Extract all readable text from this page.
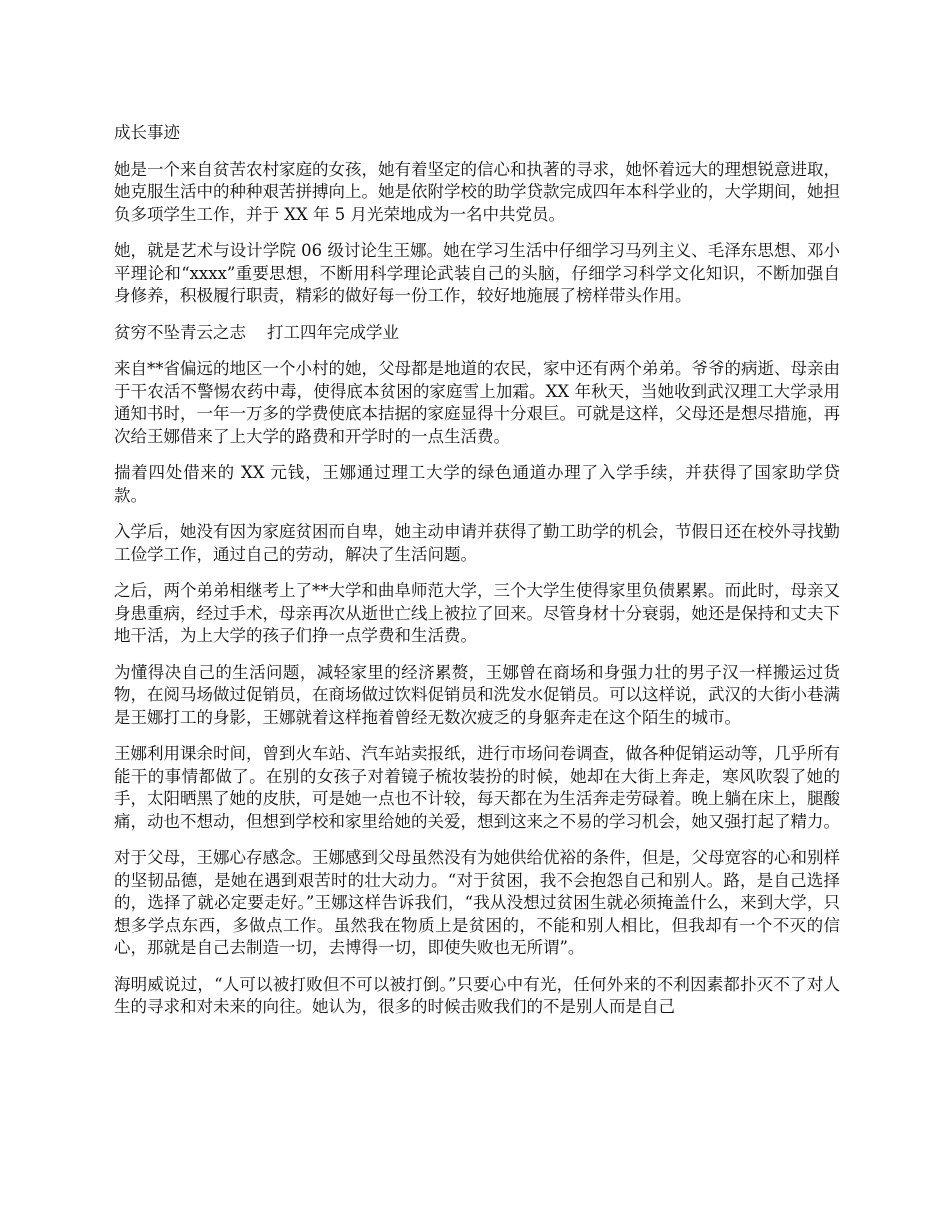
成长事迹

她是一个来自贫苦农村家庭的女孩，她有着坚定的信心和执著的寻求，她怀着远大的理想锐意进取，她克服生活中的种种艰苦拼搏向上。她是依附学校的助学贷款完成四年本科学业的，大学期间，她担负多项学生工作，并于 XX 年 5 月光荣地成为一名中共党员。

她，就是艺术与设计学院 06 级讨论生王娜。她在学习生活中仔细学习马列主义、毛泽东思想、邓小平理论和“xxxx”重要思想，不断用科学理论武装自己的头脑，仔细学习科学文化知识，不断加强自身修养，积极履行职责，精彩的做好每一份工作，较好地施展了榜样带头作用。

贫穷不坠青云之志    打工四年完成学业

来自**省偏远的地区一个小村的她，父母都是地道的农民，家中还有两个弟弟。爷爷的病逝、母亲由于干农活不警惕农药中毒，使得底本贫困的家庭雪上加霜。XX 年秋天，当她收到武汉理工大学录用通知书时，一年一万多的学费使底本拮据的家庭显得十分艰巨。可就是这样，父母还是想尽措施，再次给王娜借来了上大学的路费和开学时的一点生活费。

揣着四处借来的 XX 元钱，王娜通过理工大学的绿色通道办理了入学手续，并获得了国家助学贷款。

入学后，她没有因为家庭贫困而自卑，她主动申请并获得了勤工助学的机会，节假日还在校外寻找勤工俭学工作，通过自己的劳动，解决了生活问题。

之后，两个弟弟相继考上了**大学和曲阜师范大学，三个大学生使得家里负债累累。而此时，母亲又身患重病，经过手术，母亲再次从逝世亡线上被拉了回来。尽管身材十分衰弱，她还是保持和丈夫下地干活，为上大学的孩子们挣一点学费和生活费。

为懂得决自己的生活问题，减轻家里的经济累赘，王娜曾在商场和身强力壮的男子汉一样搬运过货物，在阅马场做过促销员，在商场做过饮料促销员和洗发水促销员。可以这样说，武汉的大街小巷满是王娜打工的身影，王娜就着这样拖着曾经无数次疲乏的身躯奔走在这个陌生的城市。

王娜利用课余时间，曾到火车站、汽车站卖报纸，进行市场问卷调查，做各种促销运动等，几乎所有能干的事情都做了。在别的女孩子对着镜子梳妆装扮的时候，她却在大街上奔走，寒风吹裂了她的手，太阳晒黑了她的皮肤，可是她一点也不计较，每天都在为生活奔走劳碌着。晚上躺在床上，腿酸痛，动也不想动，但想到学校和家里给她的关爱，想到这来之不易的学习机会，她又强打起了精力。

对于父母，王娜心存感念。王娜感到父母虽然没有为她供给优裕的条件，但是，父母宽容的心和别样的坚韧品德，是她在遇到艰苦时的壮大动力。“对于贫困，我不会抱怨自己和别人。路，是自己选择的，选择了就必定要走好。”王娜这样告诉我们，“我从没想过贫困生就必须掩盖什么，来到大学，只想多学点东西，多做点工作。虽然我在物质上是贫困的，不能和别人相比，但我却有一个不灭的信心，那就是自己去制造一切，去博得一切，即使失败也无所谓”。

海明威说过，“人可以被打败但不可以被打倒。”只要心中有光，任何外来的不利因素都扑灭不了对人生的寻求和对未来的向往。她认为，很多的时候击败我们的不是别人而是自己
